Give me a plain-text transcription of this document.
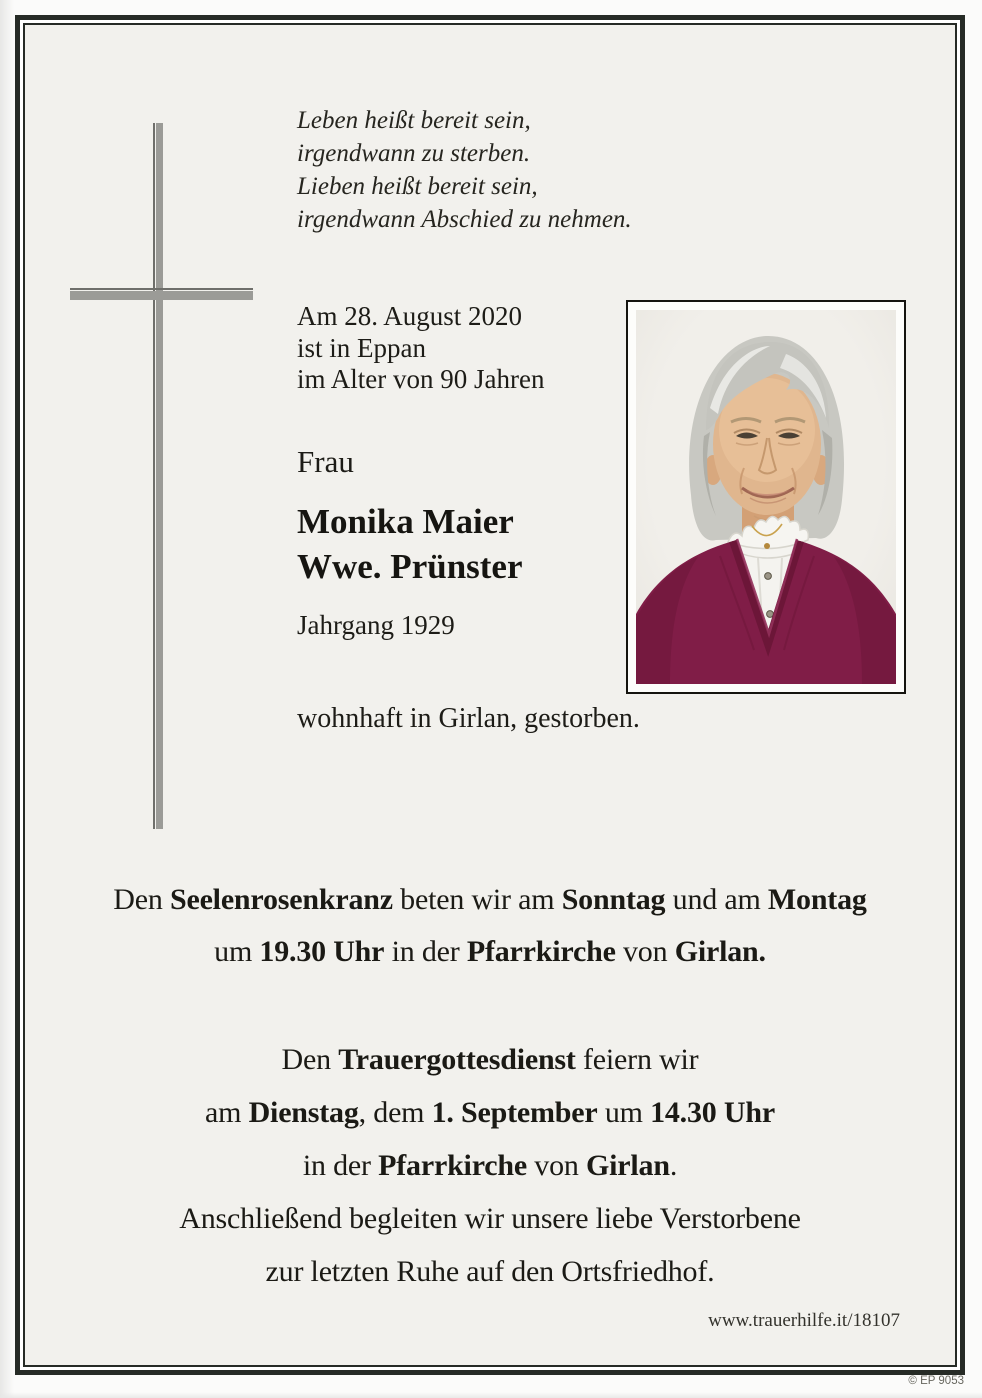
Leben heißt bereit sein,
irgendwann zu sterben.
Lieben heißt bereit sein,
irgendwann Abschied zu nehmen.
Am 28. August 2020
ist in Eppan
im Alter von 90 Jahren
Frau
Monika Maier
Wwe. Prünster
Jahrgang 1929
wohnhaft in Girlan, gestorben.
Den Seelenrosenkranz beten wir am Sonntag und am Montag
um 19.30 Uhr in der Pfarrkirche von Girlan.
Den Trauergottesdienst feiern wir
am Dienstag, dem 1. September um 14.30 Uhr
in der Pfarrkirche von Girlan.
Anschließend begleiten wir unsere liebe Verstorbene
zur letzten Ruhe auf den Ortsfriedhof.
www.trauerhilfe.it/18107
© EP 9053
